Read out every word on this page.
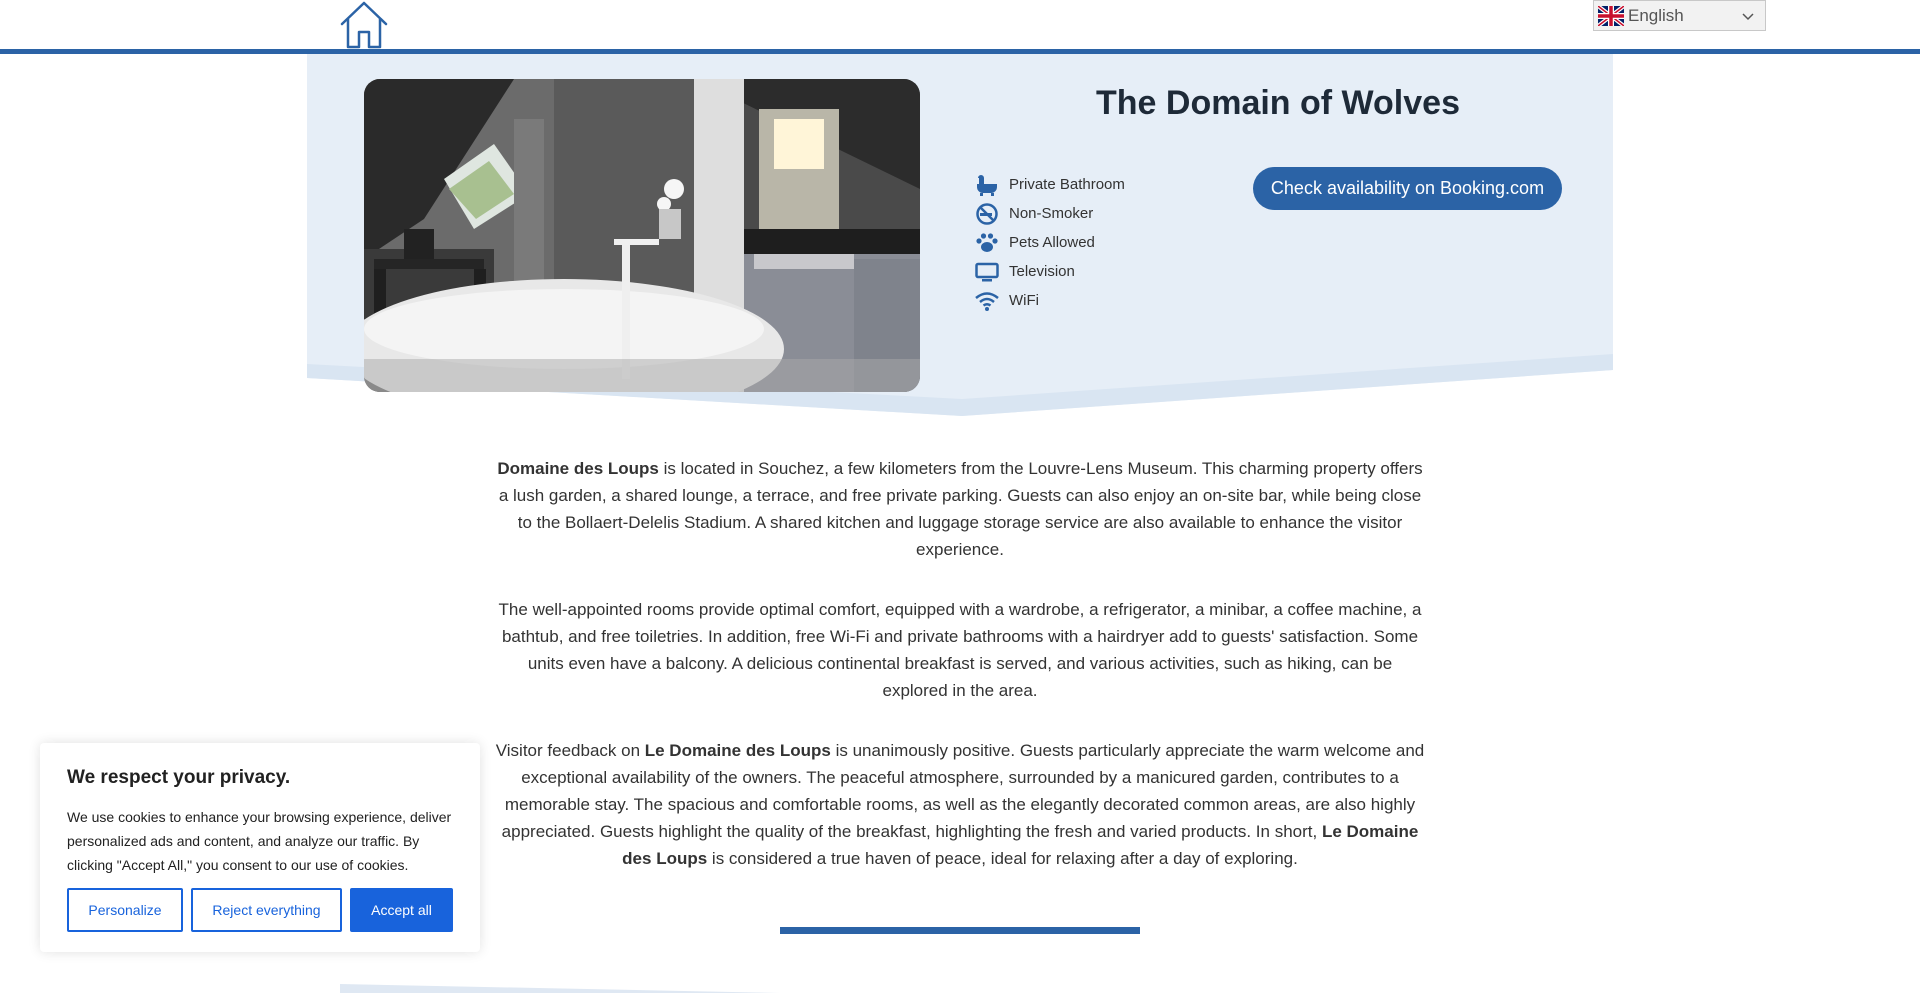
English
The Domain of Wolves
Private Bathroom
Non-Smoker
Pets Allowed
Television
WiFi
Check availability on Booking.com

Domaine des Loups is located in Souchez, a few kilometers from the Louvre-Lens Museum. This charming property offers a lush garden, a shared lounge, a terrace, and free private parking. Guests can also enjoy an on-site bar, while being close to the Bollaert-Delelis Stadium. A shared kitchen and luggage storage service are also available to enhance the visitor experience.

The well-appointed rooms provide optimal comfort, equipped with a wardrobe, a refrigerator, a minibar, a coffee machine, a bathtub, and free toiletries. In addition, free Wi-Fi and private bathrooms with a hairdryer add to guests' satisfaction. Some units even have a balcony. A delicious continental breakfast is served, and various activities, such as hiking, can be explored in the area.

Visitor feedback on Le Domaine des Loups is unanimously positive. Guests particularly appreciate the warm welcome and exceptional availability of the owners. The peaceful atmosphere, surrounded by a manicured garden, contributes to a memorable stay. The spacious and comfortable rooms, as well as the elegantly decorated common areas, are also highly appreciated. Guests highlight the quality of the breakfast, highlighting the fresh and varied products. In short, Le Domaine des Loups is considered a true haven of peace, ideal for relaxing after a day of exploring.

We respect your privacy.

We use cookies to enhance your browsing experience, deliver personalized ads and content, and analyze our traffic. By clicking "Accept All," you consent to our use of cookies.

Personalize	Reject everything	Accept all
